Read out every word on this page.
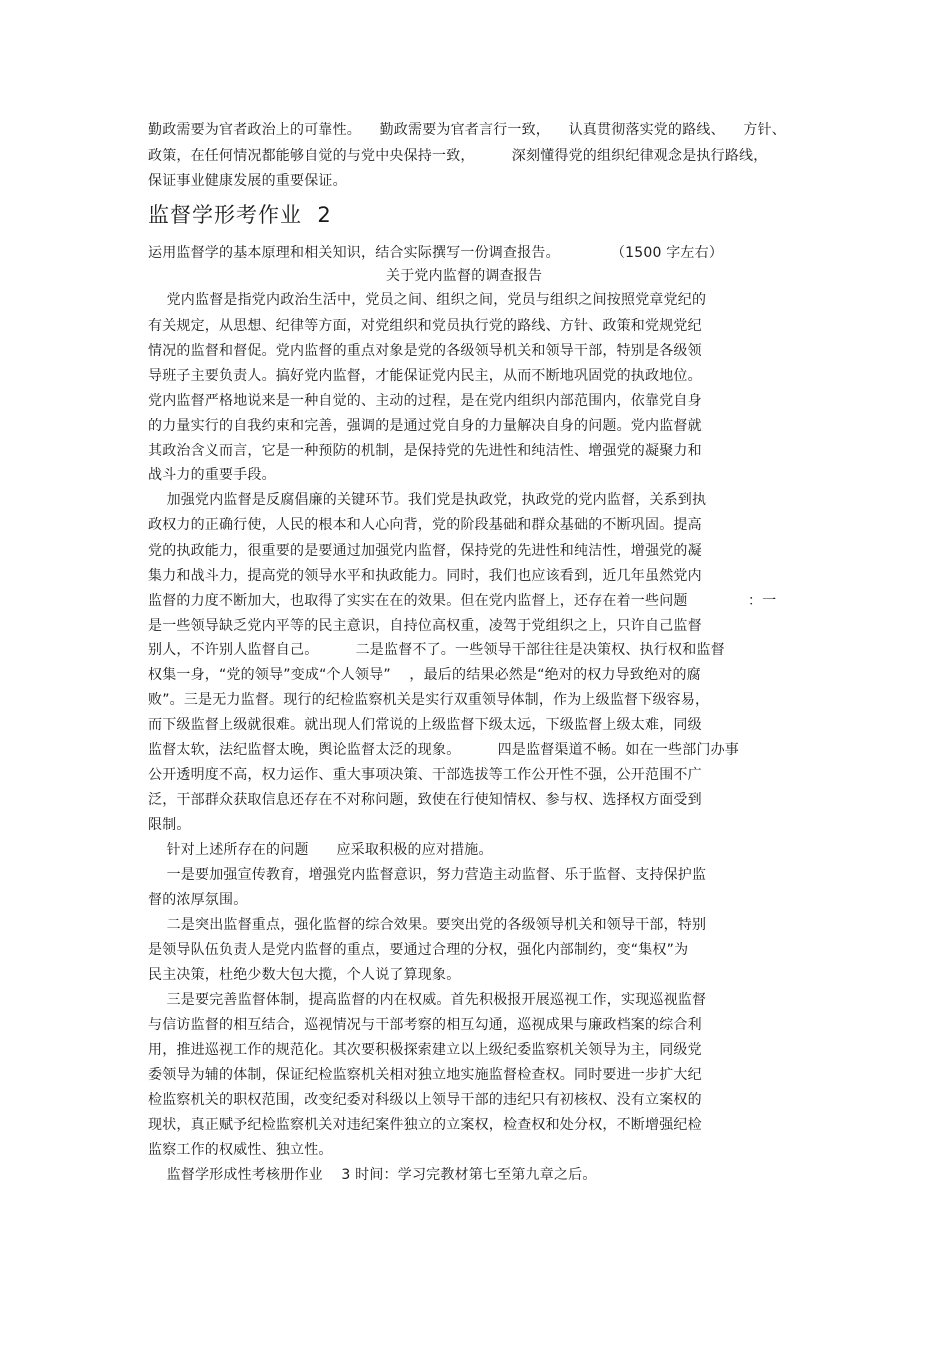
勤政需要为官者政治上的可靠性。    勤政需要为官者言行一致，    认真贯彻落实党的路线、    方针、
政策，在任何情况都能够自觉的与党中央保持一致，        深刻懂得党的组织纪律观念是执行路线，
保证事业健康发展的重要保证。
监督学形考作业  2
运用监督学的基本原理和相关知识，结合实际撰写一份调查报告。           （1500 字左右）
关于党内监督的调查报告
党内监督是指党内政治生活中，党员之间、组织之间，党员与组织之间按照党章党纪的
有关规定，从思想、纪律等方面，对党组织和党员执行党的路线、方针、政策和党规党纪
情况的监督和督促。党内监督的重点对象是党的各级领导机关和领导干部，特别是各级领
导班子主要负责人。搞好党内监督，才能保证党内民主，从而不断地巩固党的执政地位。
党内监督严格地说来是一种自觉的、主动的过程，是在党内组织内部范围内，依靠党自身
的力量实行的自我约束和完善，强调的是通过党自身的力量解决自身的问题。党内监督就
其政治含义而言，它是一种预防的机制，是保持党的先进性和纯洁性、增强党的凝聚力和
战斗力的重要手段。
加强党内监督是反腐倡廉的关键环节。我们党是执政党，执政党的党内监督，关系到执
政权力的正确行使，人民的根本和人心向背，党的阶段基础和群众基础的不断巩固。提高
党的执政能力，很重要的是要通过加强党内监督，保持党的先进性和纯洁性，增强党的凝
集力和战斗力，提高党的领导水平和执政能力。同时，我们也应该看到，近几年虽然党内
监督的力度不断加大，也取得了实实在在的效果。但在党内监督上，还存在着一些问题             ：一
是一些领导缺乏党内平等的民主意识，自持位高权重，凌驾于党组织之上，只许自己监督
别人，不许别人监督自己。        二是监督不了。一些领导干部往往是决策权、执行权和监督
权集一身，“党的领导”变成“个人领导”    ，最后的结果必然是“绝对的权力导致绝对的腐
败”。三是无力监督。现行的纪检监察机关是实行双重领导体制，作为上级监督下级容易，
而下级监督上级就很难。就出现人们常说的上级监督下级太远，下级监督上级太难，同级
监督太软，法纪监督太晚，舆论监督太泛的现象。        四是监督渠道不畅。如在一些部门办事
公开透明度不高，权力运作、重大事项决策、干部选拔等工作公开性不强，公开范围不广
泛，干部群众获取信息还存在不对称问题，致使在行使知情权、参与权、选择权方面受到
限制。
针对上述所存在的问题      应采取积极的应对措施。
一是要加强宣传教育，增强党内监督意识，努力营造主动监督、乐于监督、支持保护监
督的浓厚氛围。
二是突出监督重点，强化监督的综合效果。要突出党的各级领导机关和领导干部，特别
是领导队伍负责人是党内监督的重点，要通过合理的分权，强化内部制约，变“集权”为
民主决策，杜绝少数大包大揽，个人说了算现象。
三是要完善监督体制，提高监督的内在权威。首先积极报开展巡视工作，实现巡视监督
与信访监督的相互结合，巡视情况与干部考察的相互勾通，巡视成果与廉政档案的综合利
用，推进巡视工作的规范化。其次要积极探索建立以上级纪委监察机关领导为主，同级党
委领导为辅的体制，保证纪检监察机关相对独立地实施监督检查权。同时要进一步扩大纪
检监察机关的职权范围，改变纪委对科级以上领导干部的违纪只有初核权、没有立案权的
现状，真正赋予纪检监察机关对违纪案件独立的立案权，检查权和处分权，不断增强纪检
监察工作的权威性、独立性。
监督学形成性考核册作业    3 时间：学习完教材第七至第九章之后。
